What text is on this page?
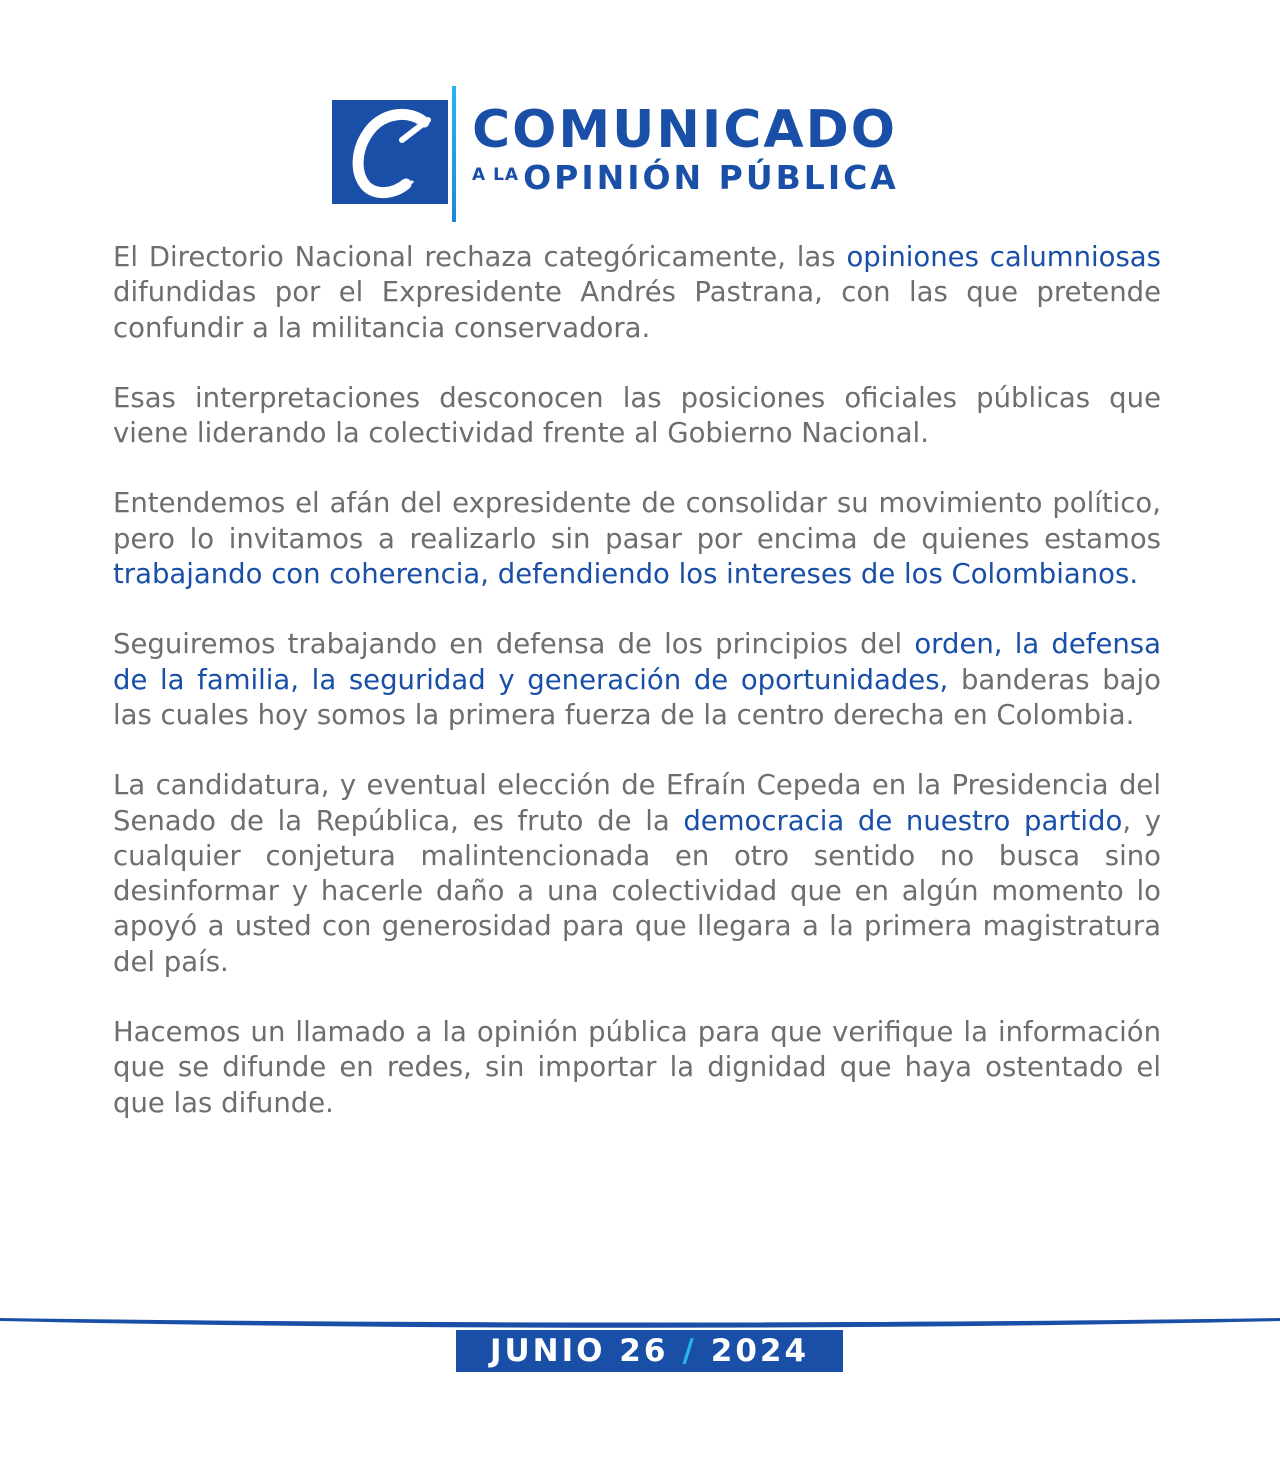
COMUNICADO
A LA OPINIÓN PÚBLICA

El Directorio Nacional rechaza categóricamente, las opiniones calumniosas difundidas por el Expresidente Andrés Pastrana, con las que pretende confundir a la militancia conservadora.

Esas interpretaciones desconocen las posiciones oficiales públicas que viene liderando la colectividad frente al Gobierno Nacional.

Entendemos el afán del expresidente de consolidar su movimiento político, pero lo invitamos a realizarlo sin pasar por encima de quienes estamos trabajando con coherencia, defendiendo los intereses de los Colombianos.

Seguiremos trabajando en defensa de los principios del orden, la defensa de la familia, la seguridad y generación de oportunidades, banderas bajo las cuales hoy somos la primera fuerza de la centro derecha en Colombia.

La candidatura, y eventual elección de Efraín Cepeda en la Presidencia del Senado de la República, es fruto de la democracia de nuestro partido, y cualquier conjetura malintencionada en otro sentido no busca sino desinformar y hacerle daño a una colectividad que en algún momento lo apoyó a usted con generosidad para que llegara a la primera magistratura del país.

Hacemos un llamado a la opinión pública para que verifique la información que se difunde en redes, sin importar la dignidad que haya ostentado el que las difunde.

JUNIO 26 / 2024
